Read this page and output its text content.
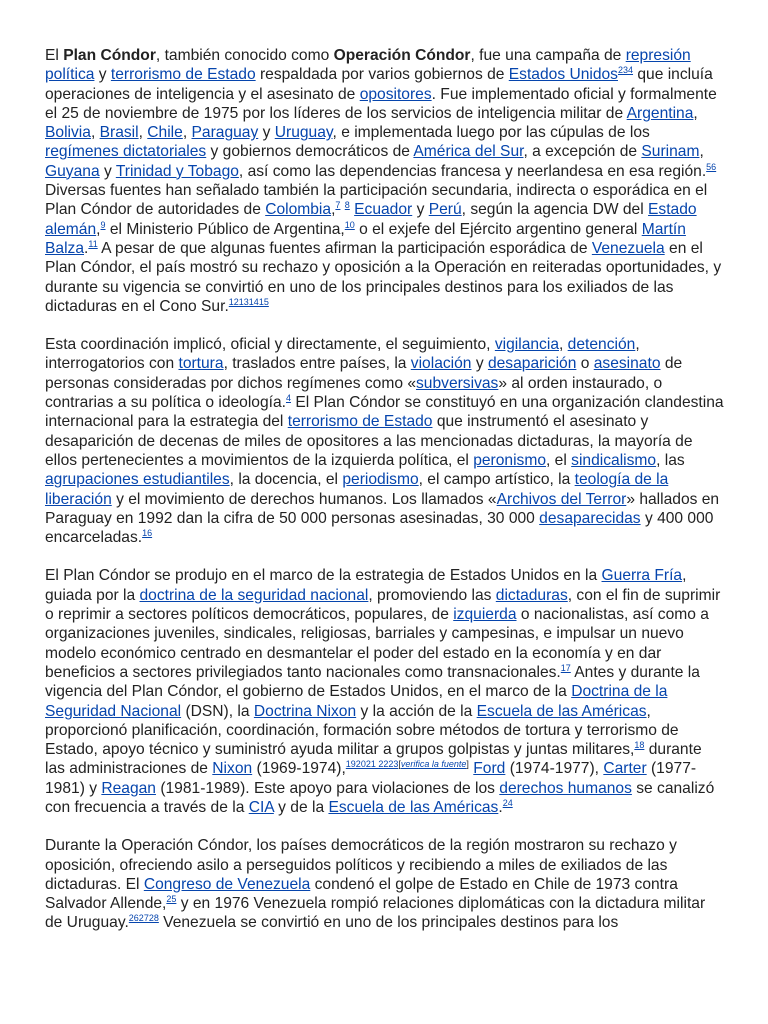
El Plan Cóndor, también conocido como Operación Cóndor, fue una campaña de represión política y terrorismo de Estado respaldada por varios gobiernos de Estados Unidos$^{234}$ que incluía operaciones de inteligencia y el asesinato de opositores. Fue implementado oficial y formalmente el 25 de noviembre de 1975 por los líderes de los servicios de inteligencia militar de Argentina, Bolivia, Brasil, Chile, Paraguay y Uruguay, e implementada luego por las cúpulas de los regímenes dictatoriales y gobiernos democráticos de América del Sur, a excepción de Surinam, Guyana y Trinidad y Tobago, así como las dependencias francesa y neerlandesa en esa región.$^{56}$ Diversas fuentes han señalado también la participación secundaria, indirecta o esporádica en el Plan Cóndor de autoridades de Colombia,$^7$ $^8$ Ecuador y Perú, según la agencia DW del Estado alemán,$^9$ el Ministerio Público de Argentina,$^{10}$ o el exjefe del Ejército argentino general Martín Balza.$^{11}$ A pesar de que algunas fuentes afirman la participación esporádica de Venezuela en el Plan Cóndor, el país mostró su rechazo y oposición a la Operación en reiteradas oportunidades, y durante su vigencia se convirtió en uno de los principales destinos para los exiliados de las dictaduras en el Cono Sur.$^{12131415}$

Esta coordinación implicó, oficial y directamente, el seguimiento, vigilancia, detención, interrogatorios con tortura, traslados entre países, la violación y desaparición o asesinato de personas consideradas por dichos regímenes como «subversivas» al orden instaurado, o contrarias a su política o ideología.$^4$ El Plan Cóndor se constituyó en una organización clandestina internacional para la estrategia del terrorismo de Estado que instrumentó el asesinato y desaparición de decenas de miles de opositores a las mencionadas dictaduras, la mayoría de ellos pertenecientes a movimientos de la izquierda política, el peronismo, el sindicalismo, las agrupaciones estudiantiles, la docencia, el periodismo, el campo artístico, la teología de la liberación y el movimiento de derechos humanos. Los llamados «Archivos del Terror» hallados en Paraguay en 1992 dan la cifra de 50 000 personas asesinadas, 30 000 desaparecidas y 400 000 encarceladas.$^{16}$

El Plan Cóndor se produjo en el marco de la estrategia de Estados Unidos en la Guerra Fría, guiada por la doctrina de la seguridad nacional, promoviendo las dictaduras, con el fin de suprimir o reprimir a sectores políticos democráticos, populares, de izquierda o nacionalistas, así como a organizaciones juveniles, sindicales, religiosas, barriales y campesinas, e impulsar un nuevo modelo económico centrado en desmantelar el poder del estado en la economía y en dar beneficios a sectores privilegiados tanto nacionales como transnacionales.$^{17}$ Antes y durante la vigencia del Plan Cóndor, el gobierno de Estados Unidos, en el marco de la Doctrina de la Seguridad Nacional (DSN), la Doctrina Nixon y la acción de la Escuela de las Américas, proporcionó planificación, coordinación, formación sobre métodos de tortura y terrorismo de Estado, apoyo técnico y suministró ayuda militar a grupos golpistas y juntas militares,$^{18}$ durante las administraciones de Nixon (1969-1974),$^{192021 2223[verifica la fuente]}$ Ford (1974-1977), Carter (1977-1981) y Reagan (1981-1989). Este apoyo para violaciones de los derechos humanos se canalizó con frecuencia a través de la CIA y de la Escuela de las Américas.$^{24}$

Durante la Operación Cóndor, los países democráticos de la región mostraron su rechazo y oposición, ofreciendo asilo a perseguidos políticos y recibiendo a miles de exiliados de las dictaduras. El Congreso de Venezuela condenó el golpe de Estado en Chile de 1973 contra Salvador Allende,$^{25}$ y en 1976 Venezuela rompió relaciones diplomáticas con la dictadura militar de Uruguay.$^{262728}$ Venezuela se convirtió en uno de los principales destinos para los
